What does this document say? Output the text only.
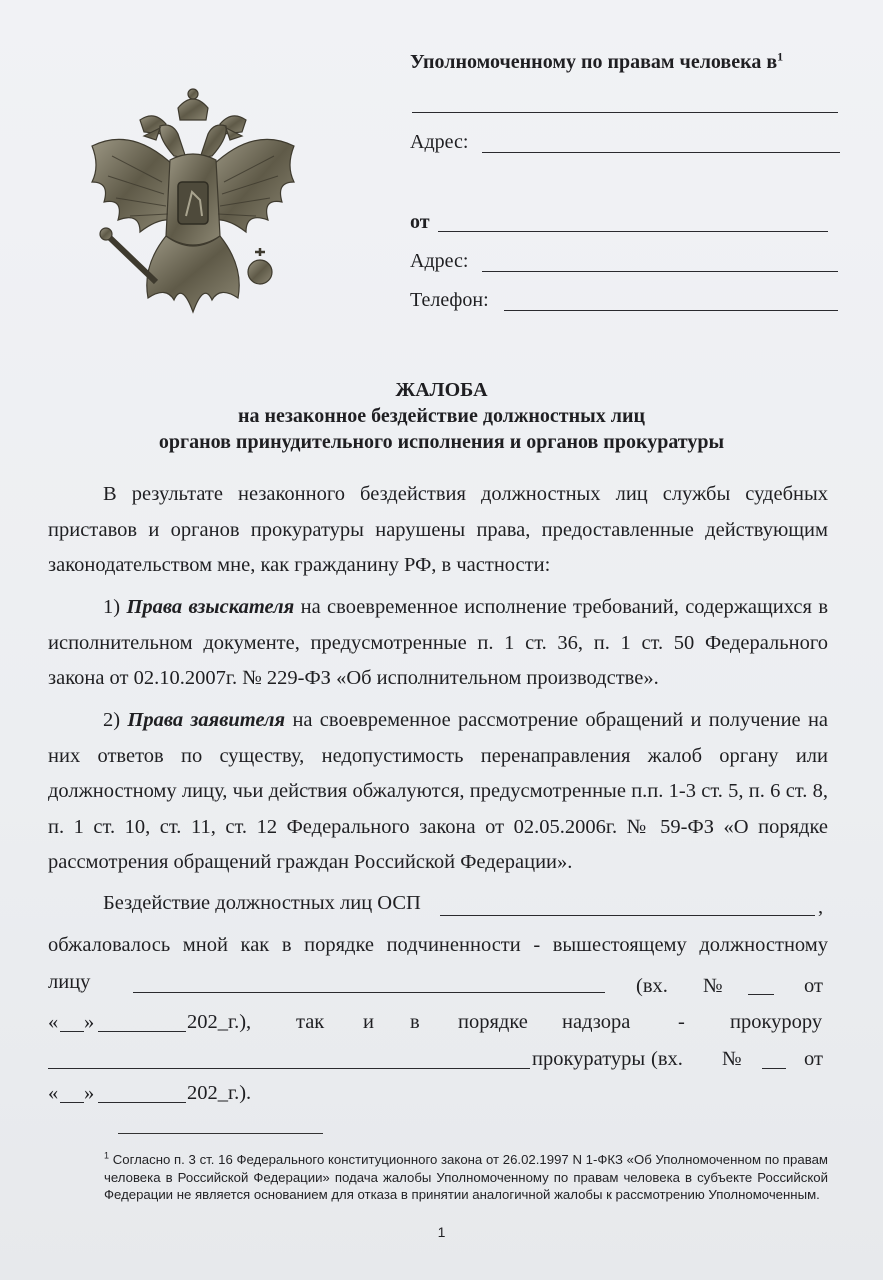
Уполномоченному по правам человека $в^1$
Адрес:
от
Адрес:
Телефон:
ЖАЛОБА
на незаконное бездействие должностных лиц
органов принудительного исполнения и органов прокуратуры
В результате незаконного бездействия должностных лиц службы судебных приставов и органов прокуратуры нарушены права, предоставленные действующим законодательством мне, как гражданину РФ, в частности:
1) Права взыскателя на своевременное исполнение требований, содержащихся в исполнительном документе, предусмотренные п. 1 ст. 36, п. 1 ст. 50 Федерального закона от 02.10.2007г. № 229-ФЗ «Об исполнительном производстве».
2) Права заявителя на своевременное рассмотрение обращений и получение на них ответов по существу, недопустимость перенаправления жалоб органу или должностному лицу, чьи действия обжалуются, предусмотренные п.п. 1-3 ст. 5, п. 6 ст. 8, п. 1 ст. 10, ст. 11, ст. 12 Федерального закона от 02.05.2006г. № 59-ФЗ «О порядке рассмотрения обращений граждан Российской Федерации».
Бездействие должностных лиц ОСП	,
обжаловалось мной как в порядке подчиненности - вышестоящему должностному
лицу	(вх. №	от
« »	202_г.), так и в порядке надзора - прокурору
прокуратуры (вх. №	от
« »	202_г.).
$^1$ Согласно п. 3 ст. 16 Федерального конституционного закона от 26.02.1997 N 1-ФКЗ «Об Уполномоченном по правам человека в Российской Федерации» подача жалобы Уполномоченному по правам человека в субъекте Российской Федерации не является основанием для отказа в принятии аналогичной жалобы к рассмотрению Уполномоченным.
1
